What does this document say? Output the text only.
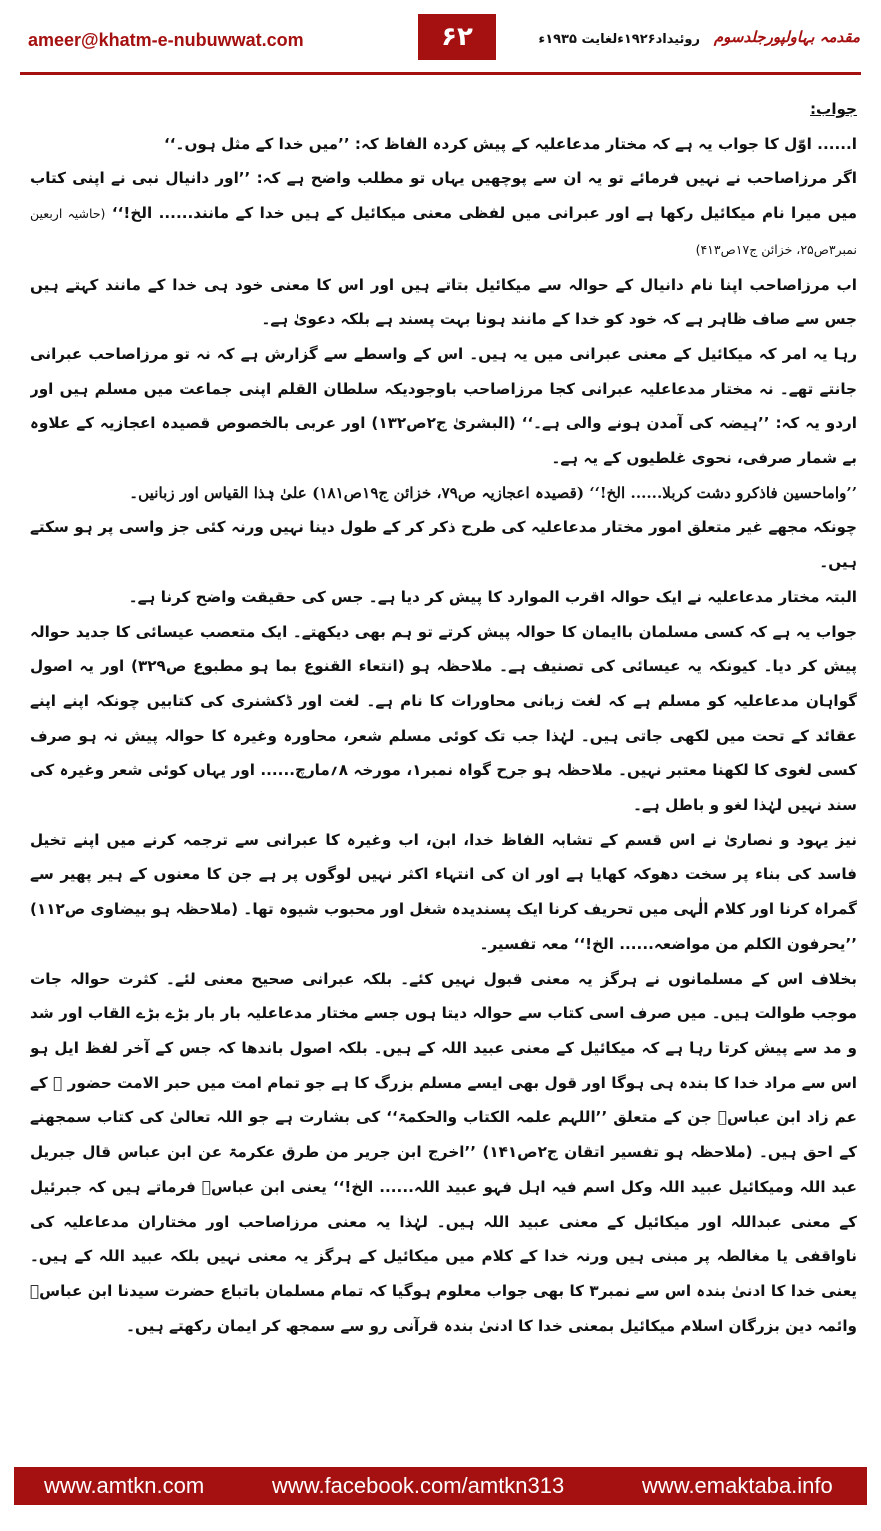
ameer@khatm-e-nubuwwat.com	۶۲	روئیداد۱۹۲۶ءلغایت ۱۹۳۵ء مقدمہ بہاولپورجلدسوم

جواب:

ا...... اوّل کا جواب یہ ہے کہ مختار مدعاعلیہ کے پیش کردہ الفاظ کہ: ’’میں خدا کے مثل ہوں۔‘‘

اگر مرزاصاحب نے نہیں فرمائے تو یہ ان سے پوچھیں یہاں تو مطلب واضح ہے کہ: ’’اور دانیال نبی نے اپنی کتاب میں میرا نام میکائیل رکھا ہے اور عبرانی میں لفظی معنی میکائیل کے ہیں خدا کے مانند...... الخ!‘‘ (حاشیہ اربعین نمبر۳ص۲۵، خزائن ج۱۷ص۴۱۳)

اب مرزاصاحب اپنا نام دانیال کے حوالہ سے میکائیل بتاتے ہیں اور اس کا معنی خود ہی خدا کے مانند کہتے ہیں جس سے صاف ظاہر ہے کہ خود کو خدا کے مانند ہونا بہت پسند ہے بلکہ دعویٰ ہے۔

رہا یہ امر کہ میکائیل کے معنی عبرانی میں یہ ہیں۔ اس کے واسطے سے گزارش ہے کہ نہ تو مرزاصاحب عبرانی جانتے تھے۔ نہ مختار مدعاعلیہ عبرانی کجا مرزاصاحب باوجودیکہ سلطان القلم اپنی جماعت میں مسلم ہیں اور اردو یہ کہ: ’’ہیضہ کی آمدن ہونے والی ہے۔‘‘ (البشریٰ ج۲ص۱۳۲) اور عربی بالخصوص قصیدہ اعجازیہ کے علاوہ بے شمار صرفی، نحوی غلطیوں کے یہ ہے۔

’’واماحسین فاذکرو دشت کربلا...... الخ!‘‘ (قصیدہ اعجازیہ ص۷۹، خزائن ج۱۹ص۱۸۱) علیٰ ہٰذا القیاس اور زبانیں۔

چونکہ مجھے غیر متعلق امور مختار مدعاعلیہ کی طرح ذکر کر کے طول دینا نہیں ورنہ کئی جز واسی پر ہو سکتے ہیں۔

البتہ مختار مدعاعلیہ نے ایک حوالہ اقرب الموارد کا پیش کر دیا ہے۔ جس کی حقیقت واضح کرنا ہے۔

جواب یہ ہے کہ کسی مسلمان باایمان کا حوالہ پیش کرتے تو ہم بھی دیکھتے۔ ایک متعصب عیسائی کا جدید حوالہ پیش کر دیا۔ کیونکہ یہ عیسائی کی تصنیف ہے۔ ملاحظہ ہو (انتعاء القنوع بما ہو مطبوع ص۳۲۹) اور یہ اصول گواہان مدعاعلیہ کو مسلم ہے کہ لغت زبانی محاورات کا نام ہے۔ لغت اور ڈکشنری کی کتابیں چونکہ اپنے اپنے عقائد کے تحت میں لکھی جاتی ہیں۔ لہٰذا جب تک کوئی مسلم شعر، محاورہ وغیرہ کا حوالہ پیش نہ ہو صرف کسی لغوی کا لکھنا معتبر نہیں۔ ملاحظہ ہو جرح گواہ نمبر۱، مورخہ ۸؍مارچ...... اور یہاں کوئی شعر وغیرہ کی سند نہیں لہٰذا لغو و باطل ہے۔

نیز یہود و نصاریٰ نے اس قسم کے تشابہ الفاظ خدا، ابن، اب وغیرہ کا عبرانی سے ترجمہ کرنے میں اپنے تخیل فاسد کی بناء پر سخت دھوکہ کھایا ہے اور ان کی انتہاء اکثر نہیں لوگوں پر ہے جن کا معنوں کے ہیر پھیر سے گمراہ کرنا اور کلام الٰہی میں تحریف کرنا ایک پسندیدہ شغل اور محبوب شیوہ تھا۔ (ملاحظہ ہو بیضاوی ص۱۱۲) ’’یحرفون الکلم من مواضعہ...... الخ!‘‘ معہ تفسیر۔

بخلاف اس کے مسلمانوں نے ہرگز یہ معنی قبول نہیں کئے۔ بلکہ عبرانی صحیح معنی لئے۔ کثرت حوالہ جات موجب طوالت ہیں۔ میں صرف اسی کتاب سے حوالہ دیتا ہوں جسے مختار مدعاعلیہ بار بار بڑے بڑے القاب اور شد و مد سے پیش کرتا رہا ہے کہ میکائیل کے معنی عبید اللہ کے ہیں۔ بلکہ اصول باندھا کہ جس کے آخر لفظ ایل ہو اس سے مراد خدا کا بندہ ہی ہوگا اور قول بھی ایسے مسلم بزرگ کا ہے جو تمام امت میں حبر الامت حضور ﷺ کے عم زاد ابن عباسؓ جن کے متعلق ’’اللہم علمہ الکتاب والحکمۃ‘‘ کی بشارت ہے جو اللہ تعالیٰ کی کتاب سمجھنے کے احق ہیں۔ (ملاحظہ ہو تفسیر اتقان ج۲ص۱۴۱) ’’اخرج ابن جریر من طرق عکرمۃ عن ابن عباس قال جبریل عبد اللہ ومیکائیل عبید اللہ وکل اسم فیہ اہل فہو عبید اللہ...... الخ!‘‘ یعنی ابن عباسؓ فرماتے ہیں کہ جبرئیل کے معنی عبداللہ اور میکائیل کے معنی عبید اللہ ہیں۔ لہٰذا یہ معنی مرزاصاحب اور مختاران مدعاعلیہ کی ناواقفی یا مغالطہ پر مبنی ہیں ورنہ خدا کے کلام میں میکائیل کے ہرگز یہ معنی نہیں بلکہ عبید اللہ کے ہیں۔ یعنی خدا کا ادنیٰ بندہ اس سے نمبر۳ کا بھی جواب معلوم ہوگیا کہ تمام مسلمان باتباع حضرت سیدنا ابن عباسؓ وائمہ دین بزرگان اسلام میکائیل بمعنی خدا کا ادنیٰ بندہ قرآنی رو سے سمجھ کر ایمان رکھتے ہیں۔

www.amtkn.com	www.facebook.com/amtkn313	www.emaktaba.info
